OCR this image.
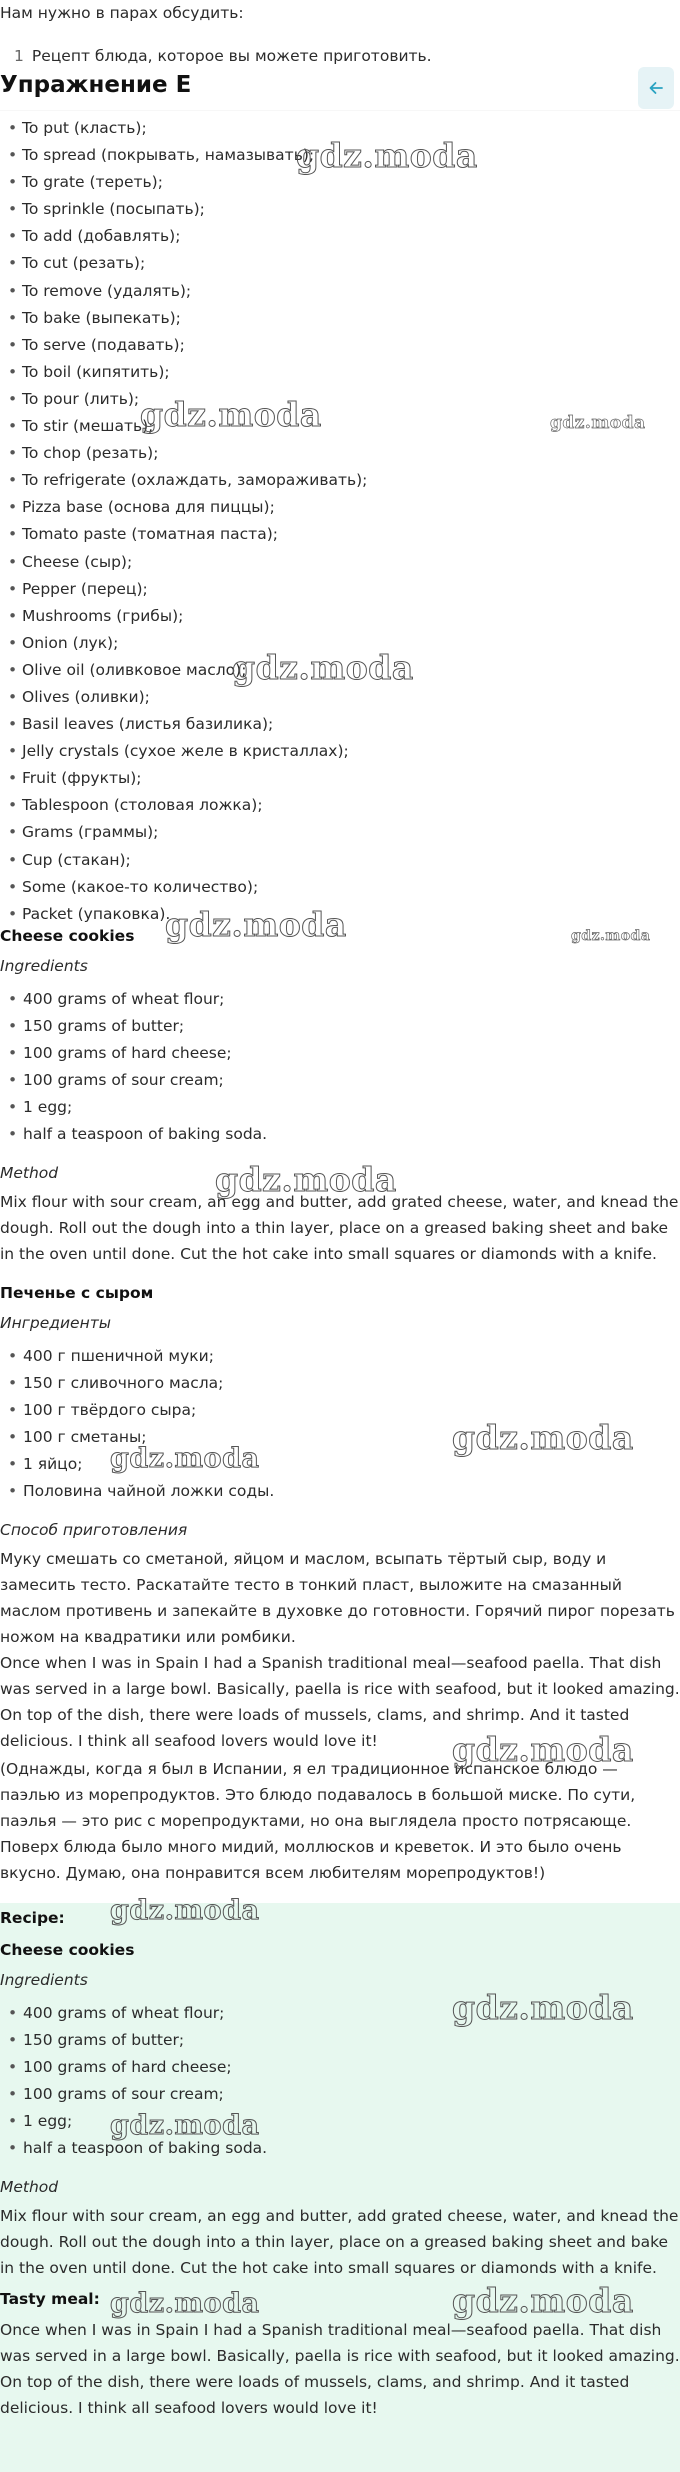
Нам нужно в парах обсудить:
1 Рецепт блюда, которое вы можете приготовить.
Упражнение E
• To put (класть);
• To spread (покрывать, намазывать);
• To grate (тереть);
• To sprinkle (посыпать);
• To add (добавлять);
• To cut (резать);
• To remove (удалять);
• To bake (выпекать);
• To serve (подавать);
• To boil (кипятить);
• To pour (лить);
• To stir (мешать);
• To chop (резать);
• To refrigerate (охлаждать, замораживать);
• Pizza base (основа для пиццы);
• Tomato paste (томатная паста);
• Cheese (сыр);
• Pepper (перец);
• Mushrooms (грибы);
• Onion (лук);
• Olive oil (оливковое масло);
• Olives (оливки);
• Basil leaves (листья базилика);
• Jelly crystals (сухое желе в кристаллах);
• Fruit (фрукты);
• Tablespoon (столовая ложка);
• Grams (граммы);
• Cup (стакан);
• Some (какое-то количество);
• Packet (упаковка).
Cheese cookies
Ingredients
• 400 grams of wheat flour;
• 150 grams of butter;
• 100 grams of hard cheese;
• 100 grams of sour cream;
• 1 egg;
• half a teaspoon of baking soda.
Method

Mix flour with sour cream, an egg and butter, add grated cheese, water, and knead the dough. Roll out the dough into a thin layer, place on a greased baking sheet and bake in the oven until done. Cut the hot cake into small squares or diamonds with a knife.

Печенье с сыром
Ингредиенты
• 400 г пшеничной муки;
• 150 г сливочного масла;
• 100 г твёрдого сыра;
• 100 г сметаны;
• 1 яйцо;
• Половина чайной ложки соды.
Способ приготовления

Муку смешать со сметаной, яйцом и маслом, всыпать тёртый сыр, воду и замесить тесто. Раскатайте тесто в тонкий пласт, выложите на смазанный маслом противень и запекайте в духовке до готовности. Горячий пирог порезать ножом на квадратики или ромбики.

Once when I was in Spain I had a Spanish traditional meal—seafood paella. That dish was served in a large bowl. Basically, paella is rice with seafood, but it looked amazing. On top of the dish, there were loads of mussels, clams, and shrimp. And it tasted delicious. I think all seafood lovers would love it!

(Однажды, когда я был в Испании, я ел традиционное испанское блюдо — паэлью из морепродуктов. Это блюдо подавалось в большой миске. По сути, паэлья — это рис с морепродуктами, но она выглядела просто потрясающе. Поверх блюда было много мидий, моллюсков и креветок. И это было очень вкусно. Думаю, она понравится всем любителям морепродуктов!)

Recipe:
Cheese cookies
Ingredients
• 400 grams of wheat flour;
• 150 grams of butter;
• 100 grams of hard cheese;
• 100 grams of sour cream;
• 1 egg;
• half a teaspoon of baking soda.
Method

Mix flour with sour cream, an egg and butter, add grated cheese, water, and knead the dough. Roll out the dough into a thin layer, place on a greased baking sheet and bake in the oven until done. Cut the hot cake into small squares or diamonds with a knife.

Tasty meal:

Once when I was in Spain I had a Spanish traditional meal—seafood paella. That dish was served in a large bowl. Basically, paella is rice with seafood, but it looked amazing. On top of the dish, there were loads of mussels, clams, and shrimp. And it tasted delicious. I think all seafood lovers would love it!

gdz.moda
gdz.moda	gdz.moda
gdz.moda
gdz.moda	gdz.moda
gdz.moda
gdz.moda
gdz.moda
gdz.moda
gdz.moda
gdz.moda
gdz.moda
gdz.moda	gdz.moda
